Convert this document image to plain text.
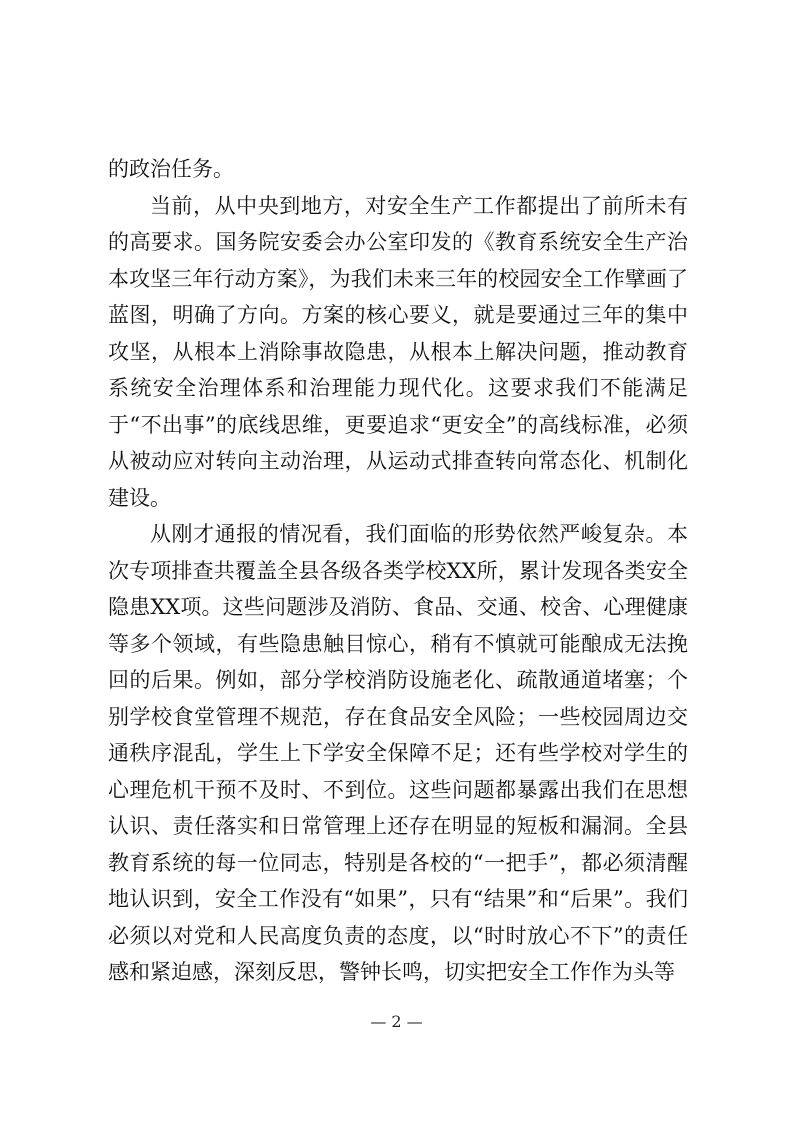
的政治任务。

当前，从中央到地方，对安全生产工作都提出了前所未有的高要求。国务院安委会办公室印发的《教育系统安全生产治本攻坚三年行动方案》，为我们未来三年的校园安全工作擘画了蓝图，明确了方向。方案的核心要义，就是要通过三年的集中攻坚，从根本上消除事故隐患，从根本上解决问题，推动教育系统安全治理体系和治理能力现代化。这要求我们不能满足于“不出事”的底线思维，更要追求“更安全”的高线标准，必须从被动应对转向主动治理，从运动式排查转向常态化、机制化建设。

从刚才通报的情况看，我们面临的形势依然严峻复杂。本次专项排查共覆盖全县各级各类学校XX所，累计发现各类安全隐患XX项。这些问题涉及消防、食品、交通、校舍、心理健康等多个领域，有些隐患触目惊心，稍有不慎就可能酿成无法挽回的后果。例如，部分学校消防设施老化、疏散通道堵塞；个别学校食堂管理不规范，存在食品安全风险；一些校园周边交通秩序混乱，学生上下学安全保障不足；还有些学校对学生的心理危机干预不及时、不到位。这些问题都暴露出我们在思想认识、责任落实和日常管理上还存在明显的短板和漏洞。全县教育系统的每一位同志，特别是各校的“一把手”，都必须清醒地认识到，安全工作没有“如果”，只有“结果”和“后果”。我们必须以对党和人民高度负责的态度，以“时时放心不下”的责任感和紧迫感，深刻反思，警钟长鸣，切实把安全工作作为头等

— 2 —
